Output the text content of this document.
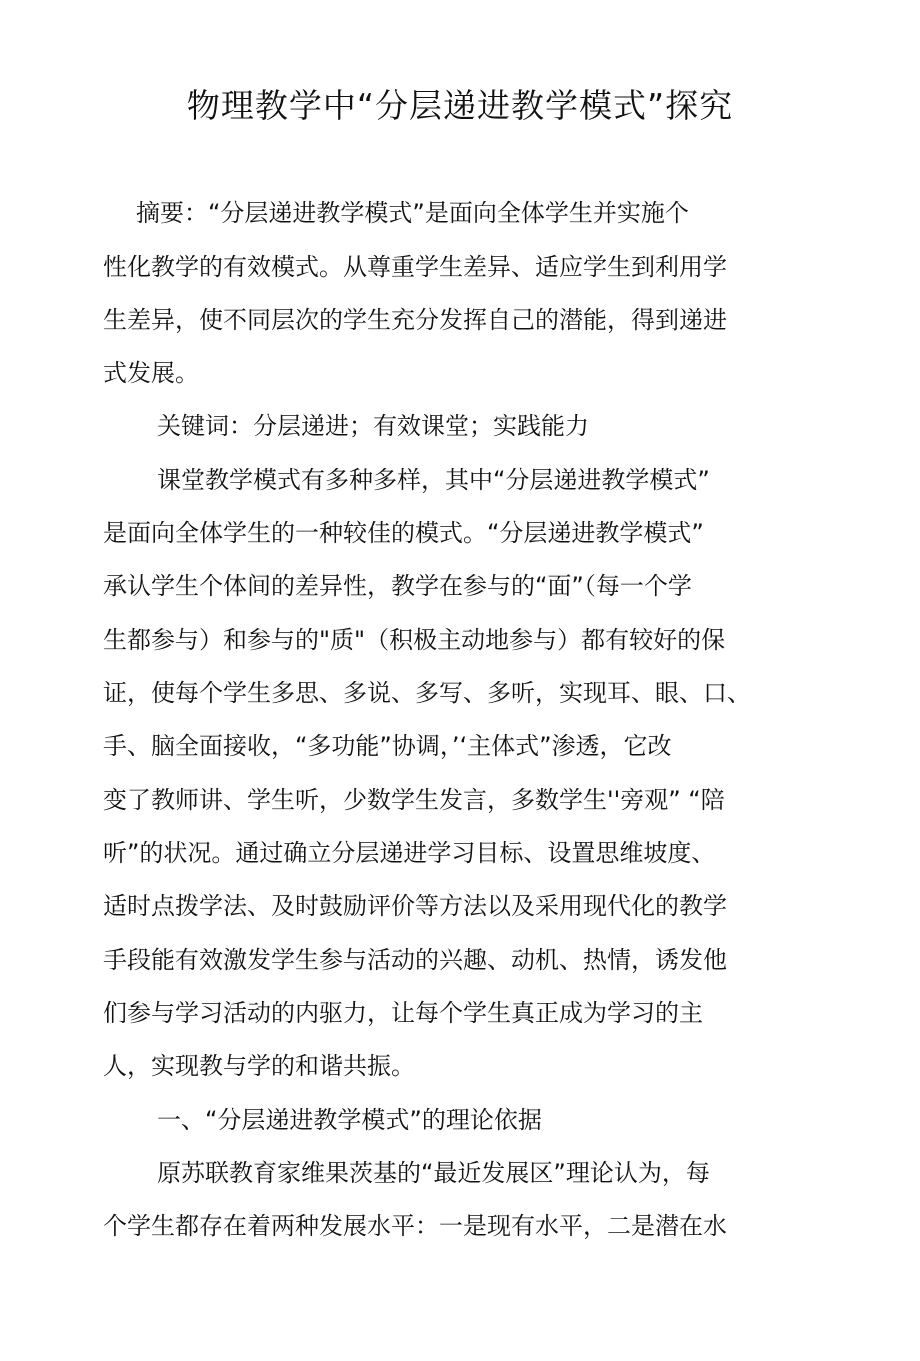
物理教学中“分层递进教学模式”探究

摘要：“分层递进教学模式”是面向全体学生并实施个

性化教学的有效模式。从尊重学生差异、适应学生到利用学

生差异，使不同层次的学生充分发挥自己的潜能，得到递进

式发展。

关键词：分层递进；有效课堂；实践能力

课堂教学模式有多种多样，其中“分层递进教学模式”

是面向全体学生的一种较佳的模式。“分层递进教学模式”

承认学生个体间的差异性，教学在参与的“面”（每一个学

生都参与）和参与的"质"（积极主动地参与）都有较好的保

证，使每个学生多思、多说、多写、多听，实现耳、眼、口、

手、脑全面接收，“多功能”协调，’‘主体式”渗透，它改

变了教师讲、学生听，少数学生发言，多数学生''旁观” “陪

听”的状况。通过确立分层递进学习目标、设置思维坡度、

适时点拨学法、及时鼓励评价等方法以及采用现代化的教学

手段能有效激发学生参与活动的兴趣、动机、热情，诱发他

们参与学习活动的内驱力，让每个学生真正成为学习的主

人，实现教与学的和谐共振。

一、“分层递进教学模式”的理论依据

原苏联教育家维果茨基的“最近发展区”理论认为，每

个学生都存在着两种发展水平：一是现有水平，二是潜在水
